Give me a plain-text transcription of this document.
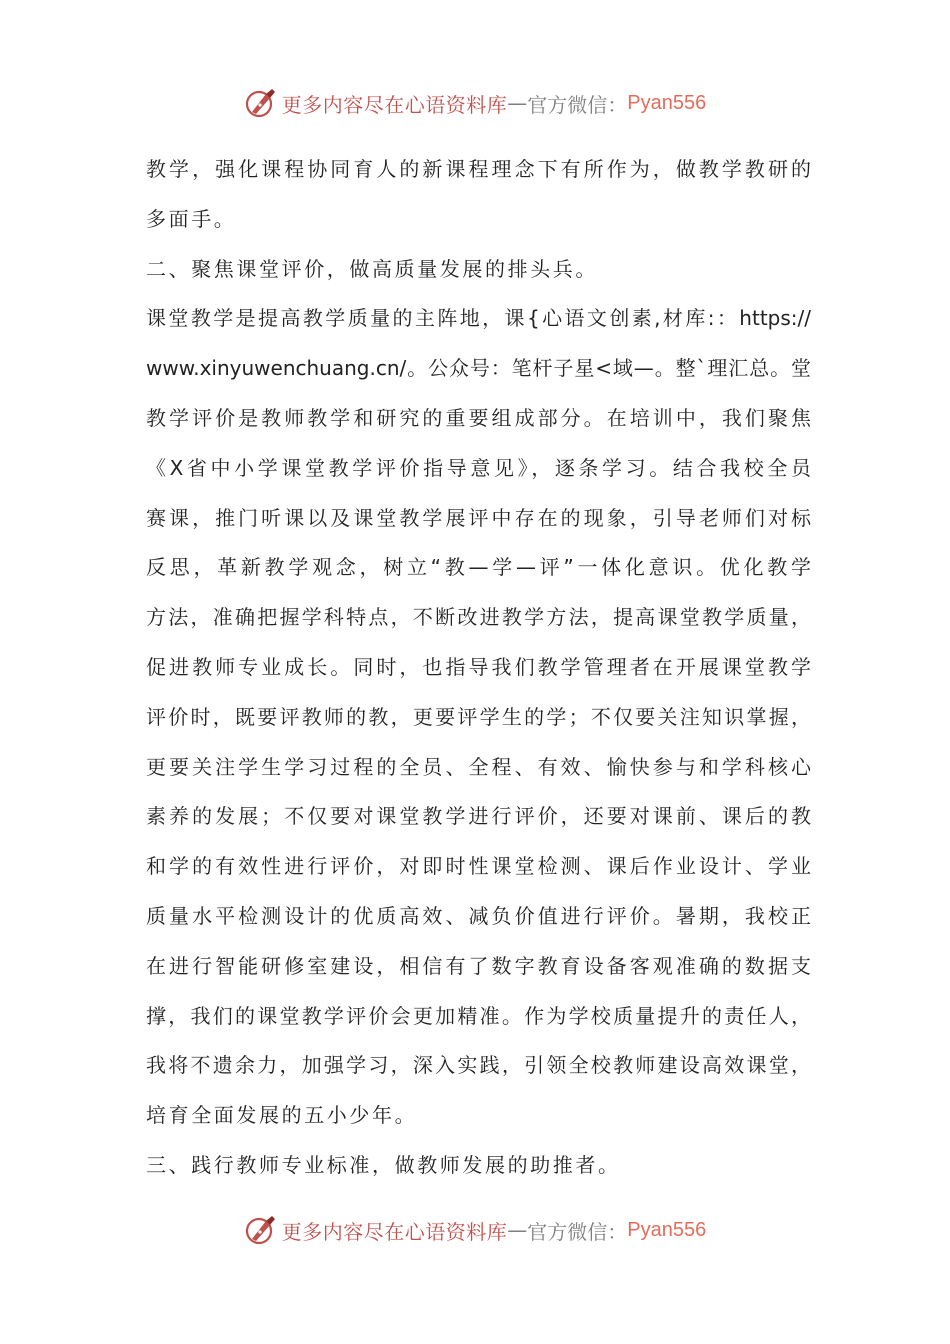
更多内容尽在心语资料库 — 官方微信： Pyan556
教学，强化课程协同育人的新课程理念下有所作为，做教学教研的
多面手。
二、聚焦课堂评价，做高质量发展的排头兵。
课堂教学是提高教学质量的主阵地，课{心语文创素,材库:：https://
www.xinyuwenchuang.cn/。公众号：笔杆子星<域—。整`理汇总。堂
教学评价是教师教学和研究的重要组成部分。在培训中，我们聚焦
《X省中小学课堂教学评价指导意见》，逐条学习。结合我校全员
赛课，推门听课以及课堂教学展评中存在的现象，引导老师们对标
反思，革新教学观念，树立“教—学—评”一体化意识。优化教学
方法，准确把握学科特点，不断改进教学方法，提高课堂教学质量，
促进教师专业成长。同时，也指导我们教学管理者在开展课堂教学
评价时，既要评教师的教，更要评学生的学；不仅要关注知识掌握，
更要关注学生学习过程的全员、全程、有效、愉快参与和学科核心
素养的发展；不仅要对课堂教学进行评价，还要对课前、课后的教
和学的有效性进行评价，对即时性课堂检测、课后作业设计、学业
质量水平检测设计的优质高效、减负价值进行评价。暑期，我校正
在进行智能研修室建设，相信有了数字教育设备客观准确的数据支
撑，我们的课堂教学评价会更加精准。作为学校质量提升的责任人，
我将不遗余力，加强学习，深入实践，引领全校教师建设高效课堂，
培育全面发展的五小少年。
三、践行教师专业标准，做教师发展的助推者。
更多内容尽在心语资料库 — 官方微信： Pyan556
